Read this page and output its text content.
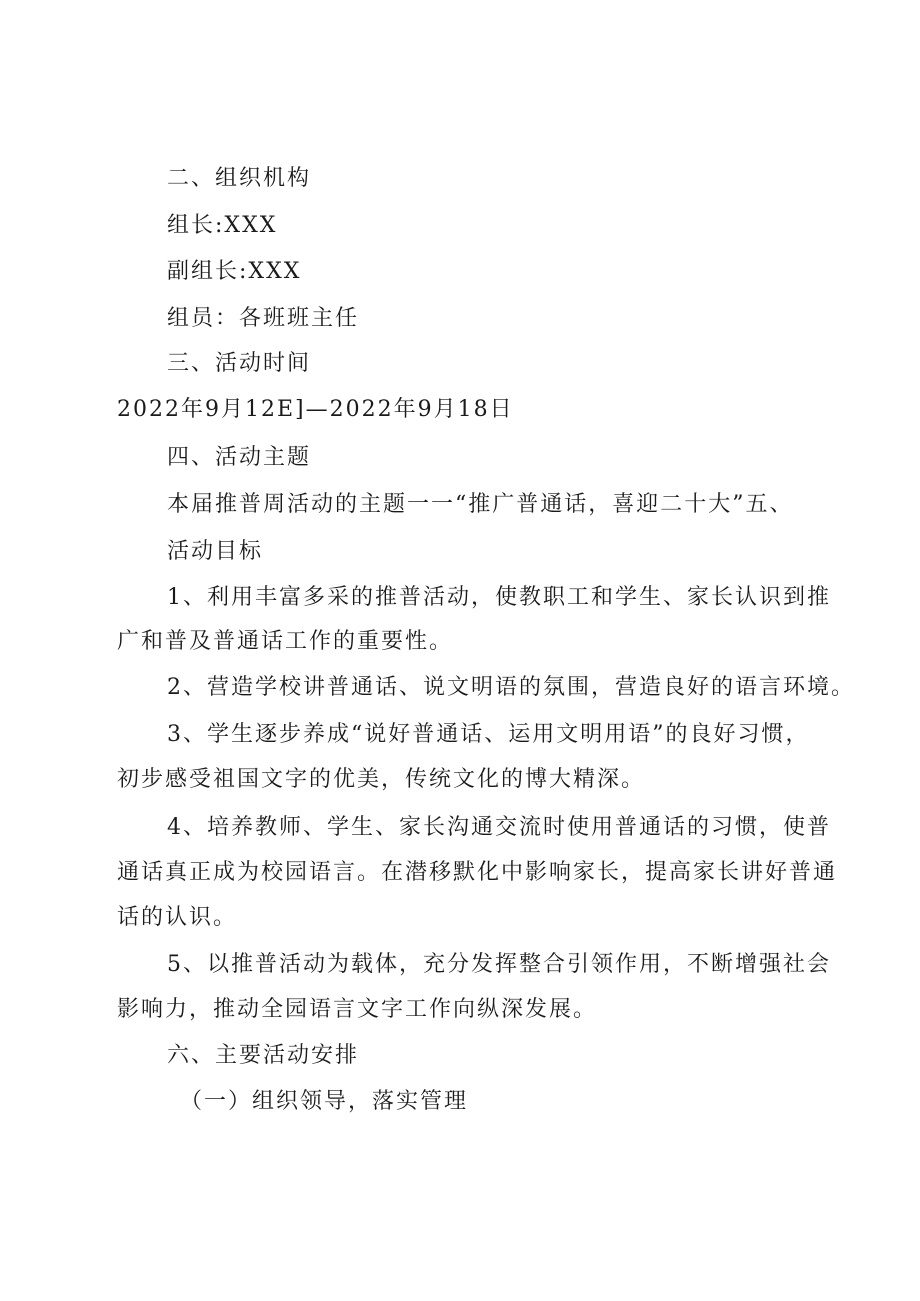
二、组织机构
组长:XXX
副组长:XXX
组员：各班班主任
三、活动时间
2022年9月12E]—2022年9月18日
四、活动主题
本届推普周活动的主题一一“推广普通话，喜迎二十大”五、
活动目标
1、利用丰富多采的推普活动，使教职工和学生、家长认识到推
广和普及普通话工作的重要性。
2、营造学校讲普通话、说文明语的氛围，营造良好的语言环境。
3、学生逐步养成“说好普通话、运用文明用语”的良好习惯，
初步感受祖国文字的优美，传统文化的博大精深。
4、培养教师、学生、家长沟通交流时使用普通话的习惯，使普
通话真正成为校园语言。在潜移默化中影响家长，提高家长讲好普通
话的认识。
5、以推普活动为载体，充分发挥整合引领作用，不断增强社会
影响力，推动全园语言文字工作向纵深发展。
六、主要活动安排
（一）组织领导，落实管理
